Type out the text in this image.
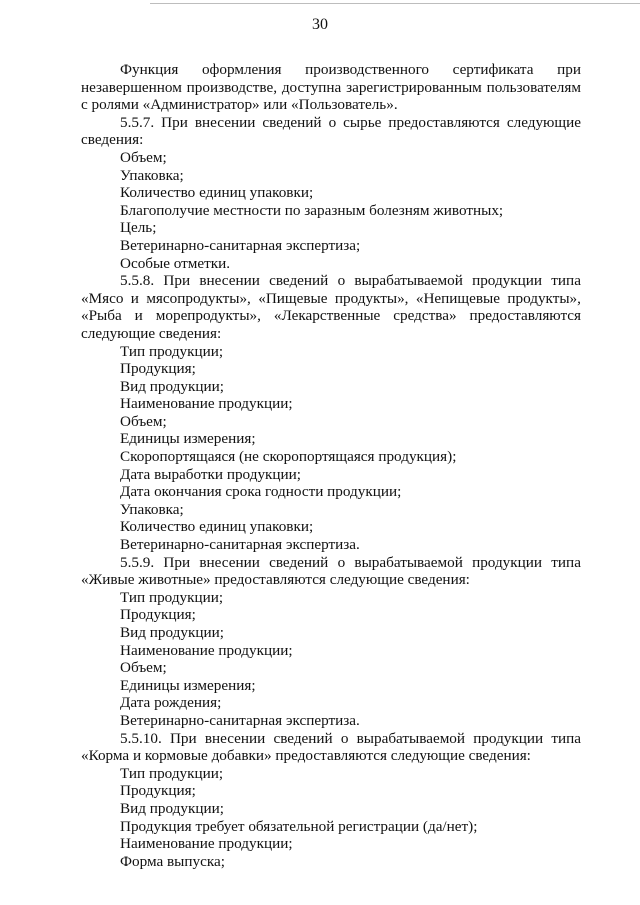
30
Функция оформления производственного сертификата при
незавершенном производстве, доступна зарегистрированным пользователям
с ролями «Администратор» или «Пользователь».
5.5.7. При внесении сведений о сырье предоставляются следующие
сведения:
Объем;
Упаковка;
Количество единиц упаковки;
Благополучие местности по заразным болезням животных;
Цель;
Ветеринарно-санитарная экспертиза;
Особые отметки.
5.5.8. При внесении сведений о вырабатываемой продукции типа
«Мясо и мясопродукты», «Пищевые продукты», «Непищевые продукты»,
«Рыба и морепродукты», «Лекарственные средства» предоставляются
следующие сведения:
Тип продукции;
Продукция;
Вид продукции;
Наименование продукции;
Объем;
Единицы измерения;
Скоропортящаяся (не скоропортящаяся продукция);
Дата выработки продукции;
Дата окончания срока годности продукции;
Упаковка;
Количество единиц упаковки;
Ветеринарно-санитарная экспертиза.
5.5.9. При внесении сведений о вырабатываемой продукции типа
«Живые животные» предоставляются следующие сведения:
Тип продукции;
Продукция;
Вид продукции;
Наименование продукции;
Объем;
Единицы измерения;
Дата рождения;
Ветеринарно-санитарная экспертиза.
5.5.10. При внесении сведений о вырабатываемой продукции типа
«Корма и кормовые добавки» предоставляются следующие сведения:
Тип продукции;
Продукция;
Вид продукции;
Продукция требует обязательной регистрации (да/нет);
Наименование продукции;
Форма выпуска;
